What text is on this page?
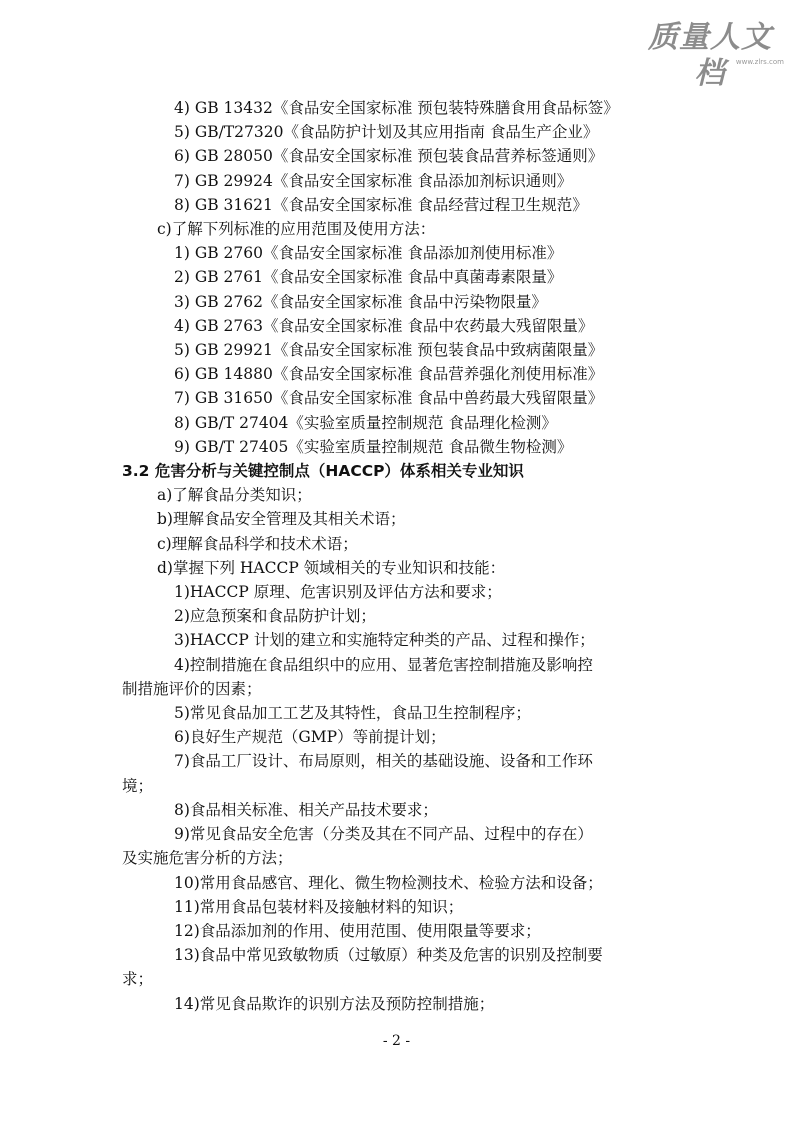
质量人文档	www.zlrs.com
4) GB 13432《食品安全国家标准 预包装特殊膳食用食品标签》
5) GB/T27320《食品防护计划及其应用指南 食品生产企业》
6) GB 28050《食品安全国家标准 预包装食品营养标签通则》
7) GB 29924《食品安全国家标准 食品添加剂标识通则》
8) GB 31621《食品安全国家标准 食品经营过程卫生规范》
c)了解下列标准的应用范围及使用方法：
1) GB 2760《食品安全国家标准 食品添加剂使用标准》
2) GB 2761《食品安全国家标准 食品中真菌毒素限量》
3) GB 2762《食品安全国家标准 食品中污染物限量》
4) GB 2763《食品安全国家标准 食品中农药最大残留限量》
5) GB 29921《食品安全国家标准 预包装食品中致病菌限量》
6) GB 14880《食品安全国家标准 食品营养强化剂使用标准》
7) GB 31650《食品安全国家标准 食品中兽药最大残留限量》
8) GB/T 27404《实验室质量控制规范 食品理化检测》
9) GB/T 27405《实验室质量控制规范 食品微生物检测》
3.2 危害分析与关键控制点（HACCP）体系相关专业知识
a)了解食品分类知识；
b)理解食品安全管理及其相关术语；
c)理解食品科学和技术术语；
d)掌握下列 HACCP 领域相关的专业知识和技能：
1)HACCP 原理、危害识别及评估方法和要求；
2)应急预案和食品防护计划；
3)HACCP 计划的建立和实施特定种类的产品、过程和操作；
4)控制措施在食品组织中的应用、显著危害控制措施及影响控
制措施评价的因素；
5)常见食品加工工艺及其特性，食品卫生控制程序；
6)良好生产规范（GMP）等前提计划；
7)食品工厂设计、布局原则，相关的基础设施、设备和工作环
境；
8)食品相关标准、相关产品技术要求；
9)常见食品安全危害（分类及其在不同产品、过程中的存在）
及实施危害分析的方法；
10)常用食品感官、理化、微生物检测技术、检验方法和设备；
11)常用食品包装材料及接触材料的知识；
12)食品添加剂的作用、使用范围、使用限量等要求；
13)食品中常见致敏物质（过敏原）种类及危害的识别及控制要
求；
14)常见食品欺诈的识别方法及预防控制措施；
- 2 -
